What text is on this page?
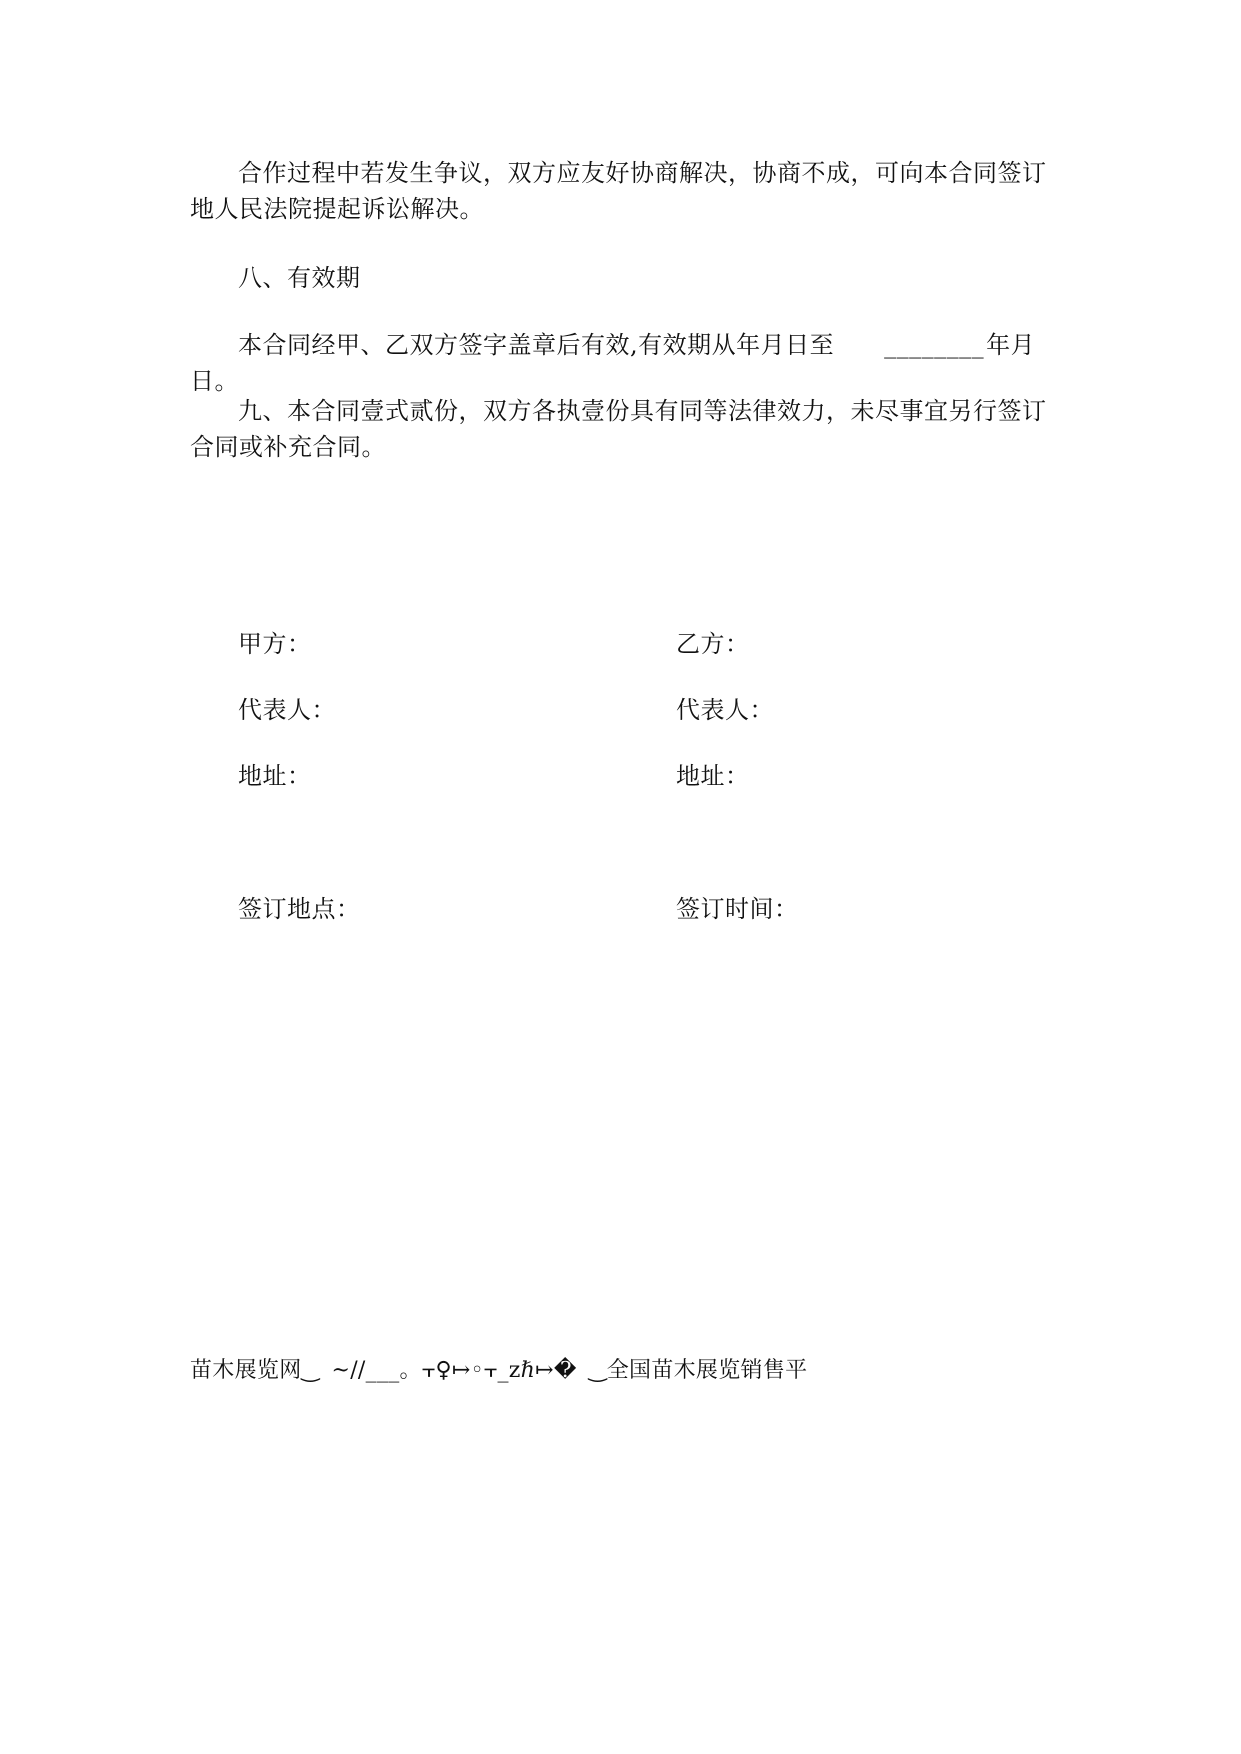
合作过程中若发生争议，双方应友好协商解决，协商不成，可向本合同签订地人民法院提起诉讼解决。

八、有效期

本合同经甲、乙双方签字盖章后有效,有效期从年月日至 ________年月日。

九、本合同壹式贰份，双方各执壹份具有同等法律效力，未尽事宜另行签订合同或补充合同。

甲方：	乙方：
代表人：	代表人：
地址：	地址：
签订地点：	签订时间：
苗木展览网‿ ~//___。⫟♀↦◦⫟_zℏ↦� ‿全国苗木展览销售平
